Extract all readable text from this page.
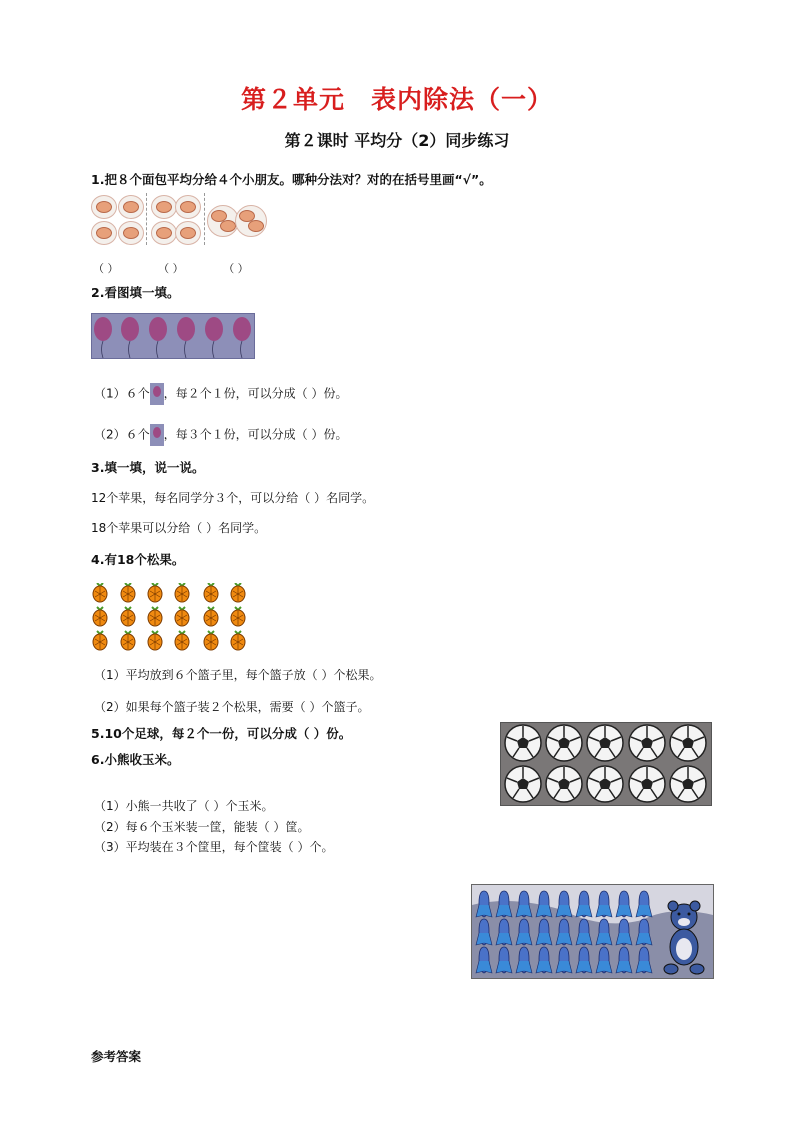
第２单元　表内除法（一）
第２课时 平均分（2）同步练习
1.把８个面包平均分给４个小朋友。哪种分法对？对的在括号里画“√”。
（ ）	（ ）	（ ）
2.看图填一填。
（1）６个 ，每２个１份，可以分成（ ）份。
（2）６个 ，每３个１份，可以分成（ ）份。
3.填一填，说一说。
12个苹果，每名同学分３个，可以分给（ ）名同学。
18个苹果可以分给（ ）名同学。
4.有18个松果。
（1）平均放到６个篮子里，每个篮子放（ ）个松果。
（2）如果每个篮子装２个松果，需要（ ）个篮子。
5.10个足球，每２个一份，可以分成（ ）份。
6.小熊收玉米。
（1）小熊一共收了（ ）个玉米。
（2）每６个玉米装一筐，能装（ ）筐。
（3）平均装在３个筐里，每个筐装（ ）个。
参考答案
